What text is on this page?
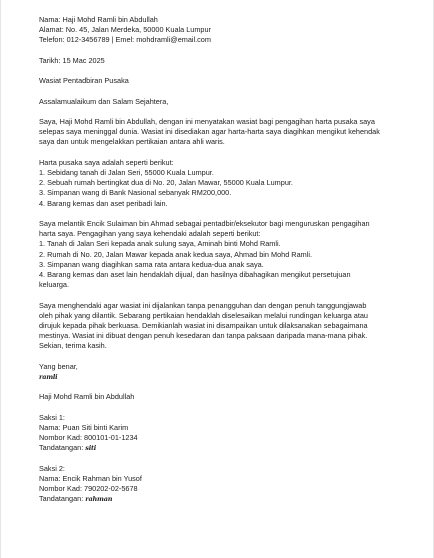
Nama: Haji Mohd Ramli bin Abdullah
Alamat: No. 45, Jalan Merdeka, 50000 Kuala Lumpur
Telefon: 012-3456789 | Emel: mohdramli@email.com
Tarikh: 15 Mac 2025
Wasiat Pentadbiran Pusaka
Assalamualaikum dan Salam Sejahtera,
Saya, Haji Mohd Ramli bin Abdullah, dengan ini menyatakan wasiat bagi pengagihan harta pusaka saya
selepas saya meninggal dunia. Wasiat ini disediakan agar harta-harta saya diagihkan mengikut kehendak
saya dan untuk mengelakkan pertikaian antara ahli waris.
Harta pusaka saya adalah seperti berikut:
1. Sebidang tanah di Jalan Seri, 55000 Kuala Lumpur.
2. Sebuah rumah bertingkat dua di No. 20, Jalan Mawar, 55000 Kuala Lumpur.
3. Simpanan wang di Bank Nasional sebanyak RM200,000.
4. Barang kemas dan aset peribadi lain.
Saya melantik Encik Sulaiman bin Ahmad sebagai pentadbir/eksekutor bagi menguruskan pengagihan
harta saya. Pengagihan yang saya kehendaki adalah seperti berikut:
1. Tanah di Jalan Seri kepada anak sulung saya, Aminah binti Mohd Ramli.
2. Rumah di No. 20, Jalan Mawar kepada anak kedua saya, Ahmad bin Mohd Ramli.
3. Simpanan wang diagihkan sama rata antara kedua-dua anak saya.
4. Barang kemas dan aset lain hendaklah dijual, dan hasilnya dibahagikan mengikut persetujuan
keluarga.
Saya menghendaki agar wasiat ini dijalankan tanpa penangguhan dan dengan penuh tanggungjawab
oleh pihak yang dilantik. Sebarang pertikaian hendaklah diselesaikan melalui rundingan keluarga atau
dirujuk kepada pihak berkuasa. Demikianlah wasiat ini disampaikan untuk dilaksanakan sebagaimana
mestinya. Wasiat ini dibuat dengan penuh kesedaran dan tanpa paksaan daripada mana-mana pihak.
Sekian, terima kasih.
Yang benar,
ramli
Haji Mohd Ramli bin Abdullah
Saksi 1:
Nama: Puan Siti binti Karim
Nombor Kad: 800101-01-1234
Tandatangan: siti
Saksi 2:
Nama: Encik Rahman bin Yusof
Nombor Kad: 790202-02-5678
Tandatangan: rahman
